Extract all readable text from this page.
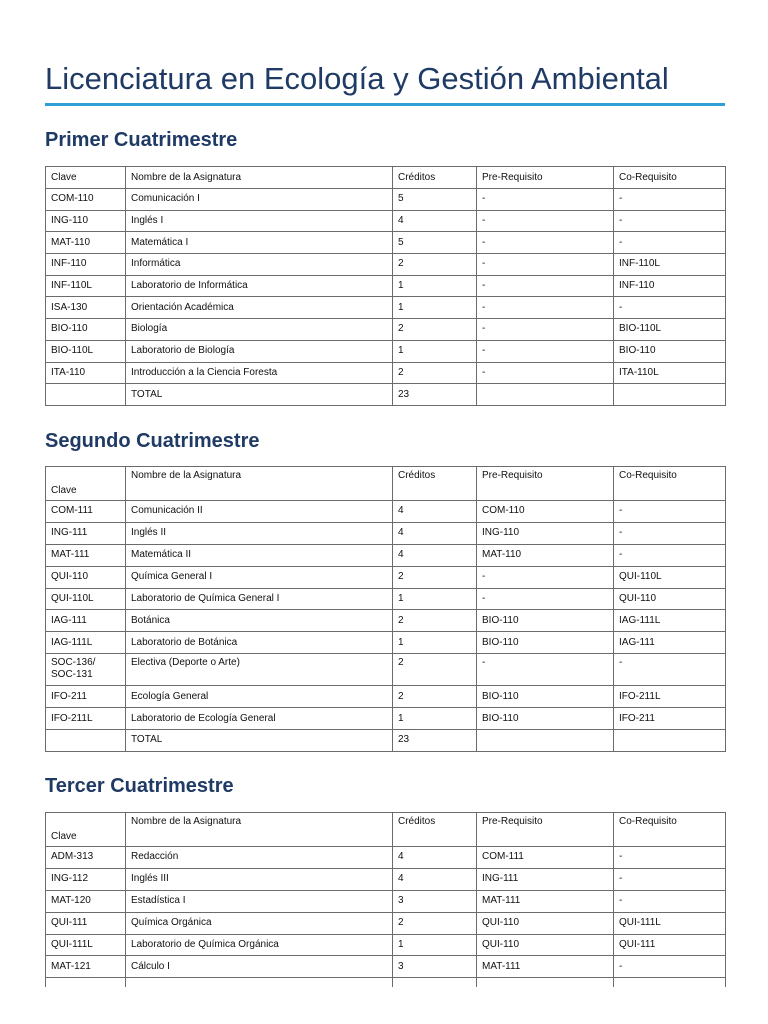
Licenciatura en Ecología y Gestión Ambiental
Primer Cuatrimestre
Clave	Nombre de la Asignatura	Créditos	Pre-Requisito	Co-Requisito
COM-110	Comunicación I	5	-	-
ING-110	Inglés I	4	-	-
MAT-110	Matemática I	5	-	-
INF-110	Informática	2	-	INF-110L
INF-110L	Laboratorio de Informática	1	-	INF-110
ISA-130	Orientación Académica	1	-	-
BIO-110	Biología	2	-	BIO-110L
BIO-110L	Laboratorio de Biología	1	-	BIO-110
ITA-110	Introducción a la Ciencia Foresta	2	-	ITA-110L
	TOTAL	23		
Segundo Cuatrimestre
Clave	Nombre de la Asignatura	Créditos	Pre-Requisito	Co-Requisito
COM-111	Comunicación II	4	COM-110	-
ING-111	Inglés II	4	ING-110	-
MAT-111	Matemática II	4	MAT-110	-
QUI-110	Química General I	2	-	QUI-110L
QUI-110L	Laboratorio de Química General I	1	-	QUI-110
IAG-111	Botánica	2	BIO-110	IAG-111L
IAG-111L	Laboratorio de Botánica	1	BIO-110	IAG-111
SOC-136/ SOC-131	Electiva (Deporte o Arte)	2	-	-
IFO-211	Ecología General	2	BIO-110	IFO-211L
IFO-211L	Laboratorio de Ecología General	1	BIO-110	IFO-211
	TOTAL	23		
Tercer Cuatrimestre
Clave	Nombre de la Asignatura	Créditos	Pre-Requisito	Co-Requisito
ADM-313	Redacción	4	COM-111	-
ING-112	Inglés III	4	ING-111	-
MAT-120	Estadística I	3	MAT-111	-
QUI-111	Química Orgánica	2	QUI-110	QUI-111L
QUI-111L	Laboratorio de Química Orgánica	1	QUI-110	QUI-111
MAT-121	Cálculo I	3	MAT-111	-
